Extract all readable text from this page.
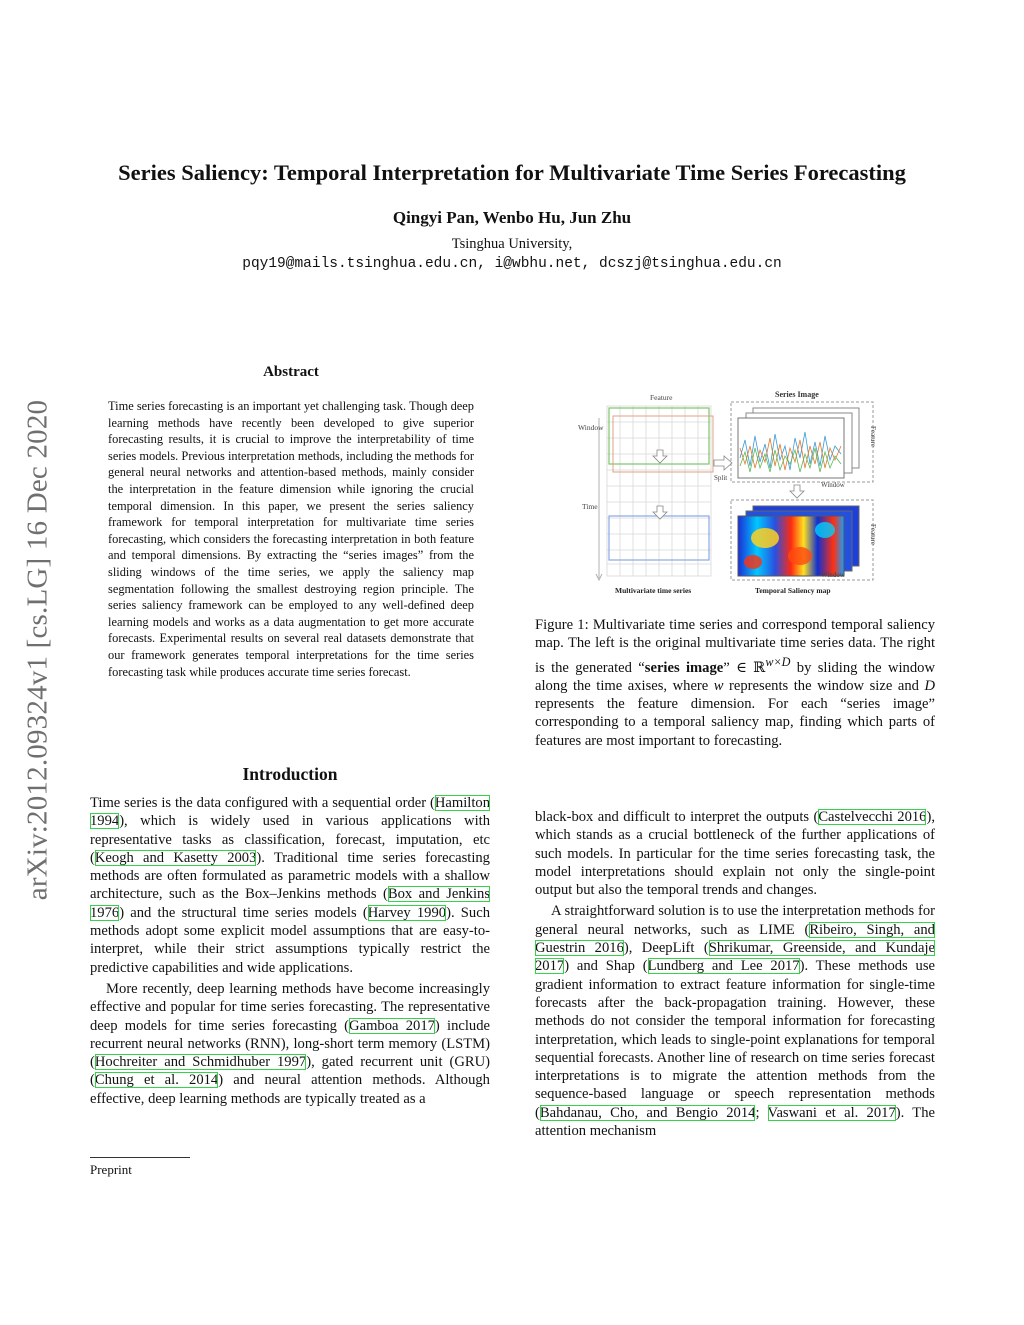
Series Saliency: Temporal Interpretation for Multivariate Time Series Forecasting
Qingyi Pan, Wenbo Hu, Jun Zhu
Tsinghua University,
pqy19@mails.tsinghua.edu.cn, i@wbhu.net, dcszj@tsinghua.edu.cn
arXiv:2012.09324v1 [cs.LG] 16 Dec 2020
Abstract
Time series forecasting is an important yet challenging task. Though deep learning methods have recently been developed to give superior forecasting results, it is crucial to improve the interpretability of time series models. Previous interpretation methods, including the methods for general neural networks and attention-based methods, mainly consider the interpretation in the feature dimension while ignoring the crucial temporal dimension. In this paper, we present the series saliency framework for temporal interpretation for multivariate time series forecasting, which considers the forecasting interpretation in both feature and temporal dimensions. By extracting the “series images” from the sliding windows of the time series, we apply the saliency map segmentation following the smallest destroying region principle. The series saliency framework can be employed to any well-defined deep learning models and works as a data augmentation to get more accurate forecasts. Experimental results on several real datasets demonstrate that our framework generates temporal interpretations for the time series forecasting task while produces accurate time series forecast.
Introduction

Time series is the data configured with a sequential order (Hamilton 1994), which is widely used in various applications with representative tasks as classification, forecast, imputation, etc (Keogh and Kasetty 2003). Traditional time series forecasting methods are often formulated as parametric models with a shallow architecture, such as the Box–Jenkins methods (Box and Jenkins 1976) and the structural time series models (Harvey 1990). Such methods adopt some explicit model assumptions that are easy-to-interpret, while their strict assumptions typically restrict the predictive capabilities and wide applications.

More recently, deep learning methods have become increasingly effective and popular for time series forecasting. The representative deep models for time series forecasting (Gamboa 2017) include recurrent neural networks (RNN), long-short term memory (LSTM) (Hochreiter and Schmidhuber 1997), gated recurrent unit (GRU) (Chung et al. 2014) and neural attention methods. Although effective, deep learning methods are typically treated as a

Preprint
Feature
Window
Time
Split
Series Image
Feature
Window
Feature
Window
Multivariate time series	Temporal Saliency map
Figure 1: Multivariate time series and correspond temporal saliency map. The left is the original multivariate time series data. The right is the generated “series image” ∈ ℝ$^{w\times D}$ by sliding the window along the time axises, where w represents the window size and D represents the feature dimension. For each “series image” corresponding to a temporal saliency map, finding which parts of features are most important to forecasting.

black-box and difficult to interpret the outputs (Castelvecchi 2016), which stands as a crucial bottleneck of the further applications of such models. In particular for the time series forecasting task, the model interpretations should explain not only the single-point output but also the temporal trends and changes.

A straightforward solution is to use the interpretation methods for general neural networks, such as LIME (Ribeiro, Singh, and Guestrin 2016), DeepLift (Shrikumar, Greenside, and Kundaje 2017) and Shap (Lundberg and Lee 2017). These methods use gradient information to extract feature information for single-time forecasts after the back-propagation training. However, these methods do not consider the temporal information for forecasting interpretation, which leads to single-point explanations for temporal sequential forecasts. Another line of research on time series forecast interpretations is to migrate the attention methods from the sequence-based language or speech representation methods (Bahdanau, Cho, and Bengio 2014; Vaswani et al. 2017). The attention mechanism
